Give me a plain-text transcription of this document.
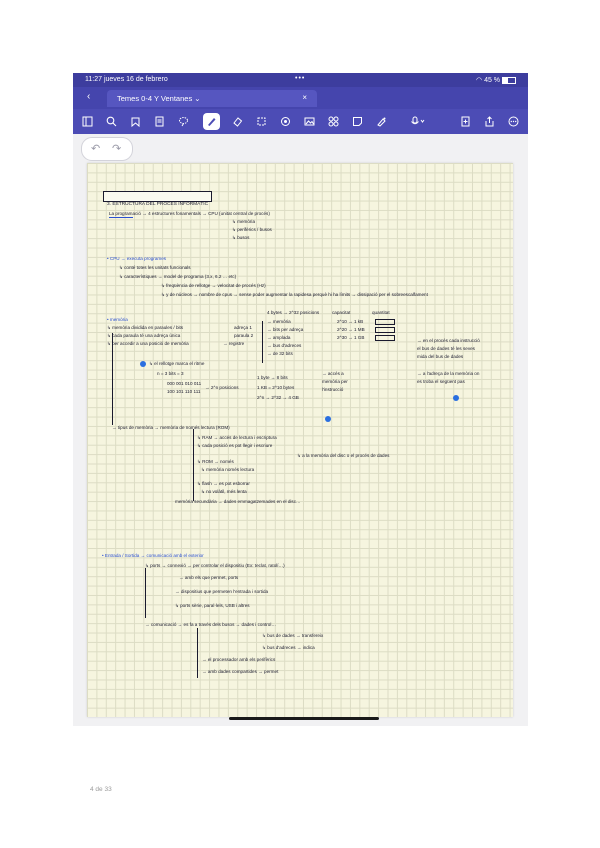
11:27 jueves 16 de febrero	•••	◠ 45 %
‹	Temes 0-4 Y Ventanes ⌄	×
↶ ↷
3. ESTRUCTURA DEL PROCES INFORMÀTIC
La programació → 4 estructures fonamentals → CPU (unitat central de procés)
↳ memòria
↳ perifèrics / busos
↳ busos
• CPU → executa programes
↳ conté totes les unitats funcionals
↳ característiques → model de programa (3.x, 6.2 … etc)
↳ freqüència de rellotge → velocitat de procés (Hz)
↳ y de núcleos → nombre de cpus → sense poder augmentar la rapidesa perquè hi ha límits → dissipació per el sobreescalfament
• memòria
↳ memòria dividida en paraules / bits
↳ cada paraula té una adreça única
↳ per accedir a una posició de memòria	→ registre
adreça 1
paraula 2
→ memòria
→ bits per adreça
→ amplada
→ bus d'adreces
→ de 32 bits
4 bytes → 2^32 posicions	capacitat	quantitat
2^10 → 1 kB
2^20 → 1 MB
2^30 → 1 GB
→ en el procés cada instrucció
el bus de dades té les seves
mida del bus de dades
↳ el rellotge marca el ritme
n = 3 bits = 3
000 001 010 011
100 101 110 111
→ 2^n posicions
1 byte → 8 bits
1 KB = 2^10 bytes
2^n → 2^32 → 4 GB
→ accés a
memòria per
l'instrucció
→ a l'adreça de la memòria on
es troba el següent pas
→ tipus de memòria → memòria de només lectura (ROM)
↳ RAM → accés de lectura i escriptura
↳ cada posició es pot llegir i escriure
↳ a la memòria del disc o el procés de dades
↳ ROM → només
↳ memòria només lectura
↳ flash → es pot esborrar
↳ no volàtil, més lenta
memòria secundària → dades emmagatzemades en el disc…
• Entrada / Sortida → comunicació amb el exterior
↳ ports → connexió → per controlar el dispositiu (Ex: teclat, ratolí…)
→ amb els que permet, ports
→ dispositius que permeten l'entrada i sortida
↳ ports sèrie, paral·lels, USB i altres
→ comunicació → es fa a través dels busos → dades i control…
↳ bus de dades → transfereix
↳ bus d'adreces → indica
→ el processador amb els perifèrics
→ amb dades compartides → permet
4 de 33
